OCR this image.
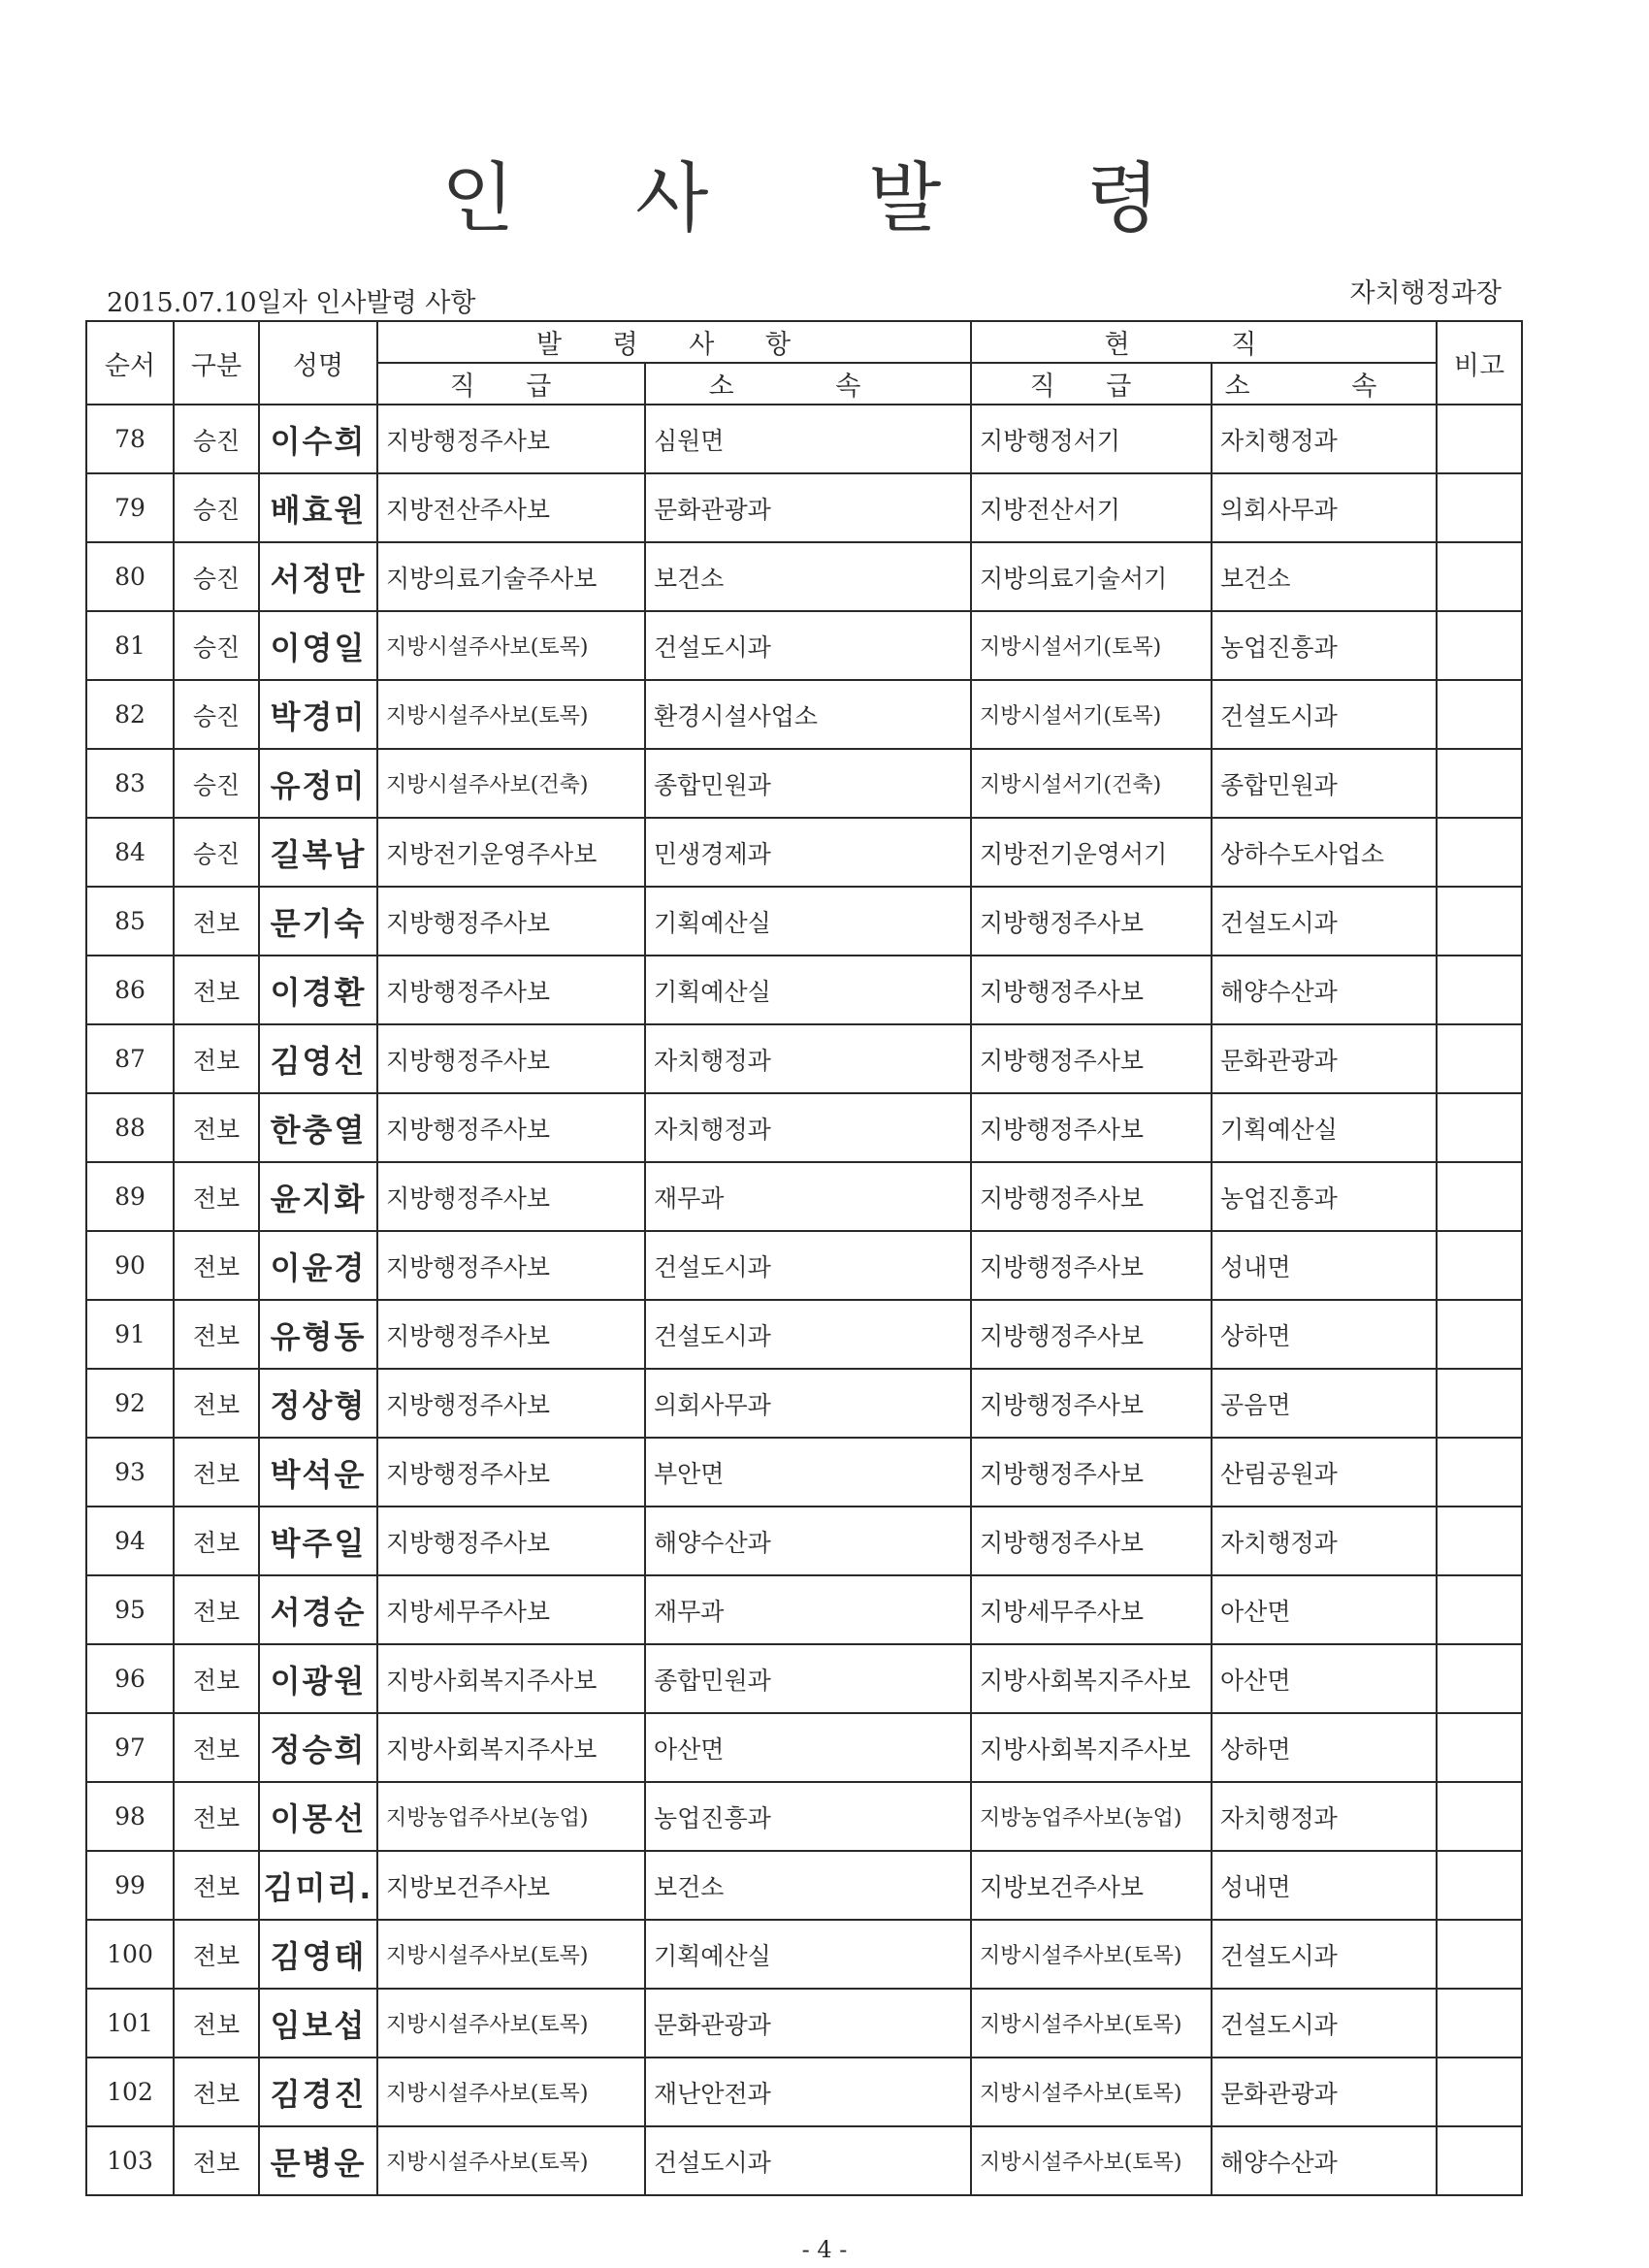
인 사 발 령
2015.07.10일자 인사발령 사항	자치행정과장
순서	구분	성명	발 령 사 항		현 직		비고
			직 급	소 속	직 급	소 속	
78	승진	이수희	지방행정주사보	심원면	지방행정서기	자치행정과	
79	승진	배효원	지방전산주사보	문화관광과	지방전산서기	의회사무과	
80	승진	서정만	지방의료기술주사보	보건소	지방의료기술서기	보건소	
81	승진	이영일	지방시설주사보(토목)	건설도시과	지방시설서기(토목)	농업진흥과	
82	승진	박경미	지방시설주사보(토목)	환경시설사업소	지방시설서기(토목)	건설도시과	
83	승진	유정미	지방시설주사보(건축)	종합민원과	지방시설서기(건축)	종합민원과	
84	승진	길복남	지방전기운영주사보	민생경제과	지방전기운영서기	상하수도사업소	
85	전보	문기숙	지방행정주사보	기획예산실	지방행정주사보	건설도시과	
86	전보	이경환	지방행정주사보	기획예산실	지방행정주사보	해양수산과	
87	전보	김영선	지방행정주사보	자치행정과	지방행정주사보	문화관광과	
88	전보	한충열	지방행정주사보	자치행정과	지방행정주사보	기획예산실	
89	전보	윤지화	지방행정주사보	재무과	지방행정주사보	농업진흥과	
90	전보	이윤경	지방행정주사보	건설도시과	지방행정주사보	성내면	
91	전보	유형동	지방행정주사보	건설도시과	지방행정주사보	상하면	
92	전보	정상형	지방행정주사보	의회사무과	지방행정주사보	공음면	
93	전보	박석운	지방행정주사보	부안면	지방행정주사보	산림공원과	
94	전보	박주일	지방행정주사보	해양수산과	지방행정주사보	자치행정과	
95	전보	서경순	지방세무주사보	재무과	지방세무주사보	아산면	
96	전보	이광원	지방사회복지주사보	종합민원과	지방사회복지주사보	아산면	
97	전보	정승희	지방사회복지주사보	아산면	지방사회복지주사보	상하면	
98	전보	이몽선	지방농업주사보(농업)	농업진흥과	지방농업주사보(농업)	자치행정과	
99	전보	김미리.	지방보건주사보	보건소	지방보건주사보	성내면	
100	전보	김영태	지방시설주사보(토목)	기획예산실	지방시설주사보(토목)	건설도시과	
101	전보	임보섭	지방시설주사보(토목)	문화관광과	지방시설주사보(토목)	건설도시과	
102	전보	김경진	지방시설주사보(토목)	재난안전과	지방시설주사보(토목)	문화관광과	
103	전보	문병운	지방시설주사보(토목)	건설도시과	지방시설주사보(토목)	해양수산과	
- 4 -
